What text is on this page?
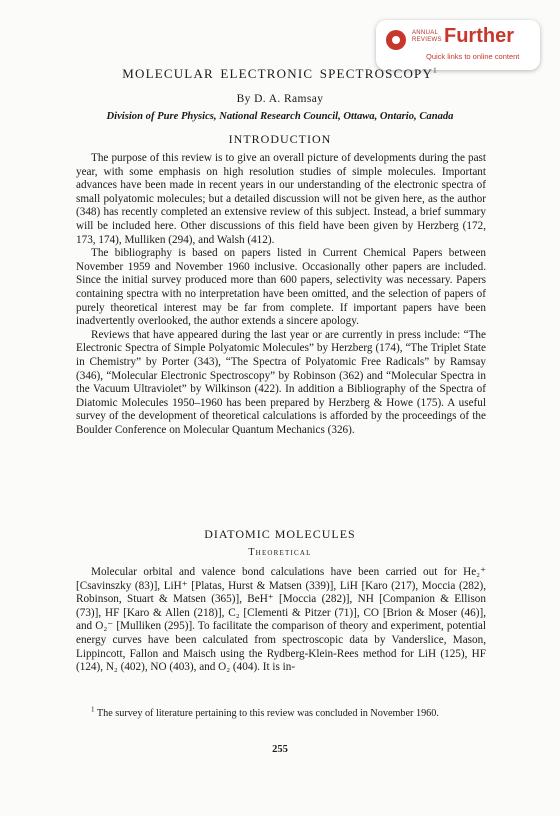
ANNUAL
REVIEWS Further
Quick links to online content
MOLECULAR ELECTRONIC SPECTROSCOPY$^1$

By D. A. Ramsay

Division of Pure Physics, National Research Council, Ottawa, Ontario, Canada

INTRODUCTION

The purpose of this review is to give an overall picture of developments during the past year, with some emphasis on high resolution studies of simple molecules. Important advances have been made in recent years in our understanding of the electronic spectra of small polyatomic molecules; but a detailed discussion will not be given here, as the author (348) has recently completed an extensive review of this subject. Instead, a brief summary will be included here. Other discussions of this field have been given by Herzberg (172, 173, 174), Mulliken (294), and Walsh (412).

The bibliography is based on papers listed in Current Chemical Papers between November 1959 and November 1960 inclusive. Occasionally other papers are included. Since the initial survey produced more than 600 papers, selectivity was necessary. Papers containing spectra with no interpretation have been omitted, and the selection of papers of purely theoretical interest may be far from complete. If important papers have been inadvertently overlooked, the author extends a sincere apology.

Reviews that have appeared during the last year or are currently in press include: “The Electronic Spectra of Simple Polyatomic Molecules” by Herzberg (174), “The Triplet State in Chemistry” by Porter (343), “The Spectra of Polyatomic Free Radicals” by Ramsay (346), “Molecular Electronic Spectroscopy” by Robinson (362) and “Molecular Spectra in the Vacuum Ultraviolet” by Wilkinson (422). In addition a Bibliography of the Spectra of Diatomic Molecules 1950–1960 has been prepared by Herzberg & Howe (175). A useful survey of the development of theoretical calculations is afforded by the proceedings of the Boulder Conference on Molecular Quantum Mechanics (326).

DIATOMIC MOLECULES

Theoretical

Molecular orbital and valence bond calculations have been carried out for He₂⁺ [Csavinszky (83)], LiH⁺ [Platas, Hurst & Matsen (339)], LiH [Karo (217), Moccia (282), Robinson, Stuart & Matsen (365)], BeH⁺ [Moccia (282)], NH [Companion & Ellison (73)], HF [Karo & Allen (218)], C₂ [Clementi & Pitzer (71)], CO [Brion & Moser (46)], and O₂⁻ [Mulliken (295)]. To facilitate the comparison of theory and experiment, potential energy curves have been calculated from spectroscopic data by Vanderslice, Mason, Lippincott, Fallon and Maisch using the Rydberg-Klein-Rees method for LiH (125), HF (124), N₂ (402), NO (403), and O₂ (404). It is in-

$^1$ The survey of literature pertaining to this review was concluded in November 1960.

255
